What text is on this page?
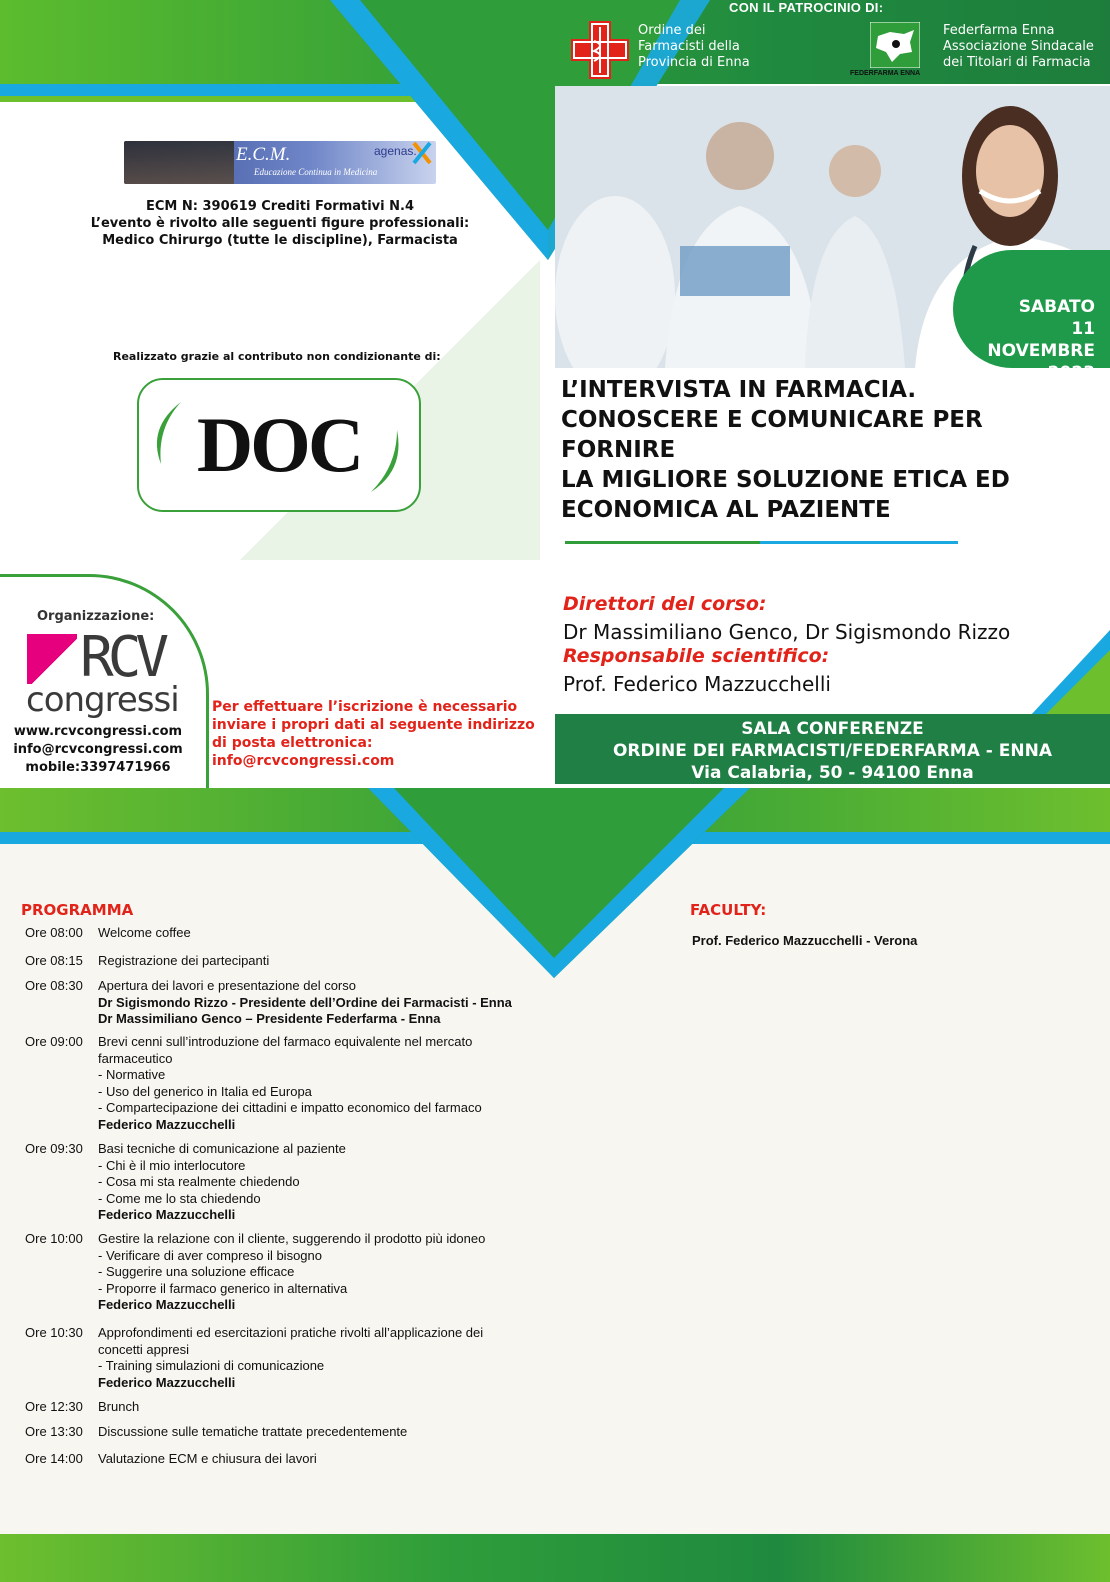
CON IL PATROCINIO DI:
Ordine dei
Farmacisti della
Provincia di Enna
FEDERFARMA ENNA
Federfarma Enna
Associazione Sindacale
dei Titolari di Farmacia
SABATO
11 NOVEMBRE
2023
E.C.M.
Educazione Continua in Medicina
agenas.
ECM N: 390619 Crediti Formativi N.4
L’evento è rivolto alle seguenti figure professionali:
Medico Chirurgo (tutte le discipline), Farmacista
Realizzato grazie al contributo non condizionante di:
DOC
Organizzazione:
RCV
congressi
www.rcvcongressi.com
info@rcvcongressi.com
mobile:3397471966
Per effettuare l’iscrizione è necessario
inviare i propri dati al seguente indirizzo
di posta elettronica:
info@rcvcongressi.com
L’INTERVISTA IN FARMACIA.
CONOSCERE E COMUNICARE PER FORNIRE
LA MIGLIORE SOLUZIONE ETICA ED
ECONOMICA AL PAZIENTE
Direttori del corso:
Dr Massimiliano Genco, Dr Sigismondo Rizzo
Responsabile scientifico:
Prof. Federico Mazzucchelli
SALA CONFERENZE
ORDINE DEI FARMACISTI/FEDERFARMA - ENNA
Via Calabria, 50 - 94100 Enna
PROGRAMMA	FACULTY:
Prof. Federico Mazzucchelli - Verona
Ore 08:00	Welcome coffee
Ore 08:15	Registrazione dei partecipanti
Ore 08:30	Apertura dei lavori e presentazione del corso
Dr Sigismondo Rizzo - Presidente dell’Ordine dei Farmacisti - Enna
Dr Massimiliano Genco – Presidente Federfarma - Enna
Ore 09:00	Brevi cenni sull’introduzione del farmaco equivalente nel mercato
farmaceutico
- Normative
- Uso del generico in Italia ed Europa
- Compartecipazione dei cittadini e impatto economico del farmaco
Federico Mazzucchelli
Ore 09:30	Basi tecniche di comunicazione al paziente
- Chi è il mio interlocutore
- Cosa mi sta realmente chiedendo
- Come me lo sta chiedendo
Federico Mazzucchelli
Ore 10:00	Gestire la relazione con il cliente, suggerendo il prodotto più idoneo
- Verificare di aver compreso il bisogno
- Suggerire una soluzione efficace
- Proporre il farmaco generico in alternativa
Federico Mazzucchelli
Ore 10:30	Approfondimenti ed esercitazioni pratiche rivolti all’applicazione dei
concetti appresi
- Training simulazioni di comunicazione
Federico Mazzucchelli
Ore 12:30	Brunch
Ore 13:30	Discussione sulle tematiche trattate precedentemente
Ore 14:00	Valutazione ECM e chiusura dei lavori
